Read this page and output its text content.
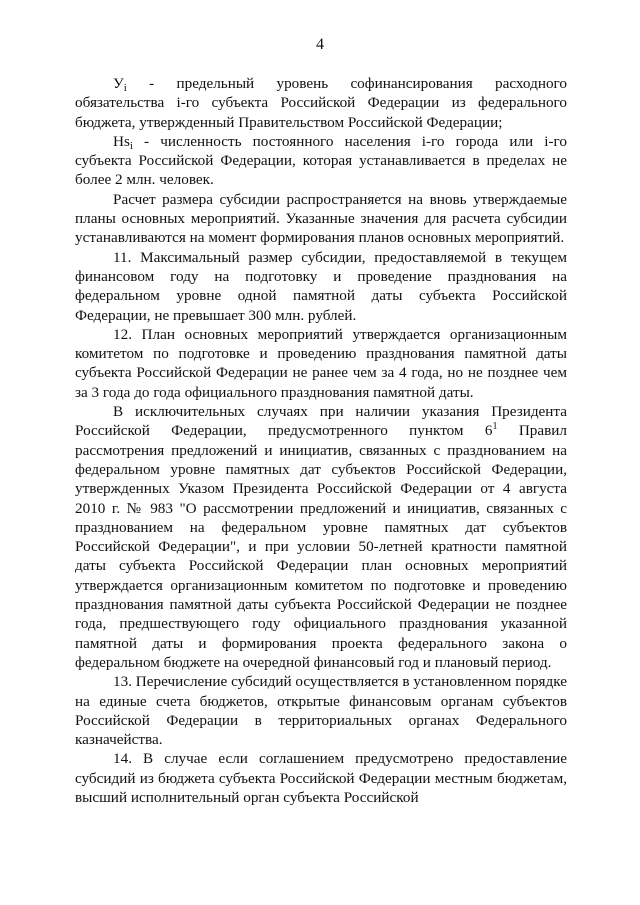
4

$У_i$ - предельный уровень софинансирования расходного обязательства i-го субъекта Российской Федерации из федерального бюджета, утвержденный Правительством Российской Федерации;

$Hs_i$ - численность постоянного населения i-го города или i-го субъекта Российской Федерации, которая устанавливается в пределах не более 2 млн. человек.

Расчет размера субсидии распространяется на вновь утверждаемые планы основных мероприятий. Указанные значения для расчета субсидии устанавливаются на момент формирования планов основных мероприятий.

11. Максимальный размер субсидии, предоставляемой в текущем финансовом году на подготовку и проведение празднования на федеральном уровне одной памятной даты субъекта Российской Федерации, не превышает 300 млн. рублей.

12. План основных мероприятий утверждается организационным комитетом по подготовке и проведению празднования памятной даты субъекта Российской Федерации не ранее чем за 4 года, но не позднее чем за 3 года до года официального празднования памятной даты.

В исключительных случаях при наличии указания Президента Российской Федерации, предусмотренного пунктом $6^1$ Правил рассмотрения предложений и инициатив, связанных с празднованием на федеральном уровне памятных дат субъектов Российской Федерации, утвержденных Указом Президента Российской Федерации от 4 августа 2010 г. № 983 "О рассмотрении предложений и инициатив, связанных с празднованием на федеральном уровне памятных дат субъектов Российской Федерации", и при условии 50-летней кратности памятной даты субъекта Российской Федерации план основных мероприятий утверждается организационным комитетом по подготовке и проведению празднования памятной даты субъекта Российской Федерации не позднее года, предшествующего году официального празднования указанной памятной даты и формирования проекта федерального закона о федеральном бюджете на очередной финансовый год и плановый период.

13. Перечисление субсидий осуществляется в установленном порядке на единые счета бюджетов, открытые финансовым органам субъектов Российской Федерации в территориальных органах Федерального казначейства.

14. В случае если соглашением предусмотрено предоставление субсидий из бюджета субъекта Российской Федерации местным бюджетам, высший исполнительный орган субъекта Российской
